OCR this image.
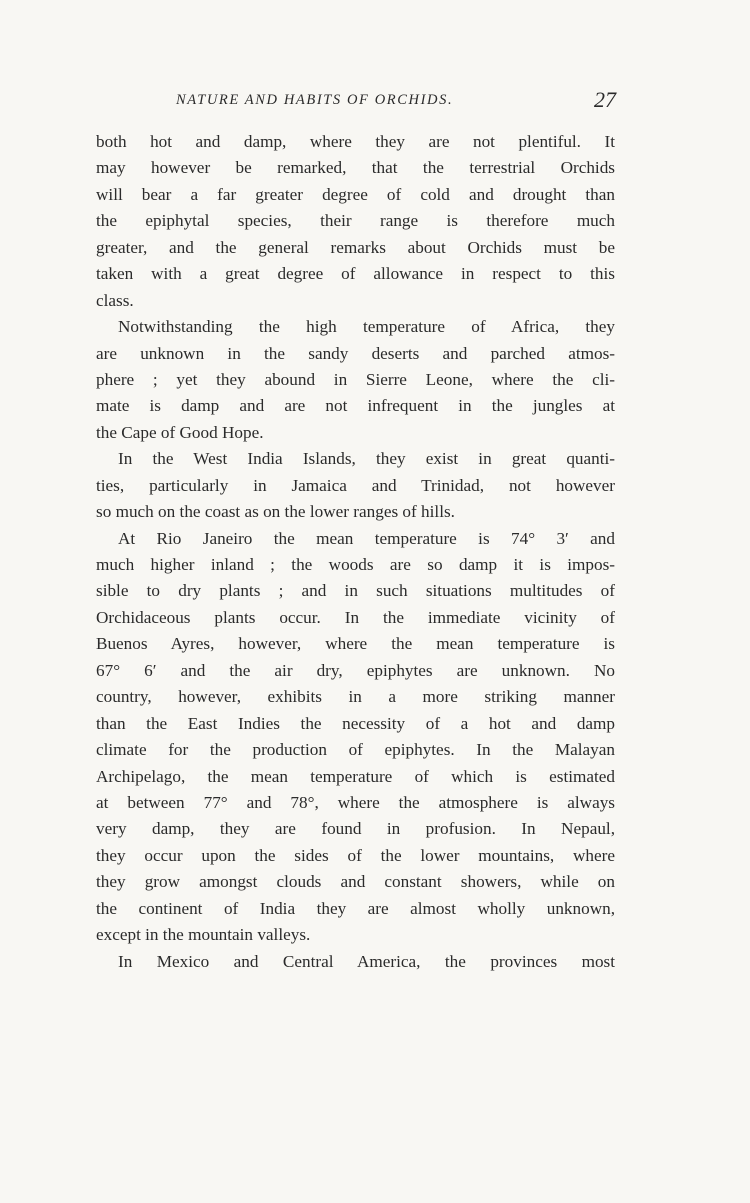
NATURE AND HABITS OF ORCHIDS.	27
both hot and damp, where they are not plentiful. It
may however be remarked, that the terrestrial Orchids
will bear a far greater degree of cold and drought than
the epiphytal species, their range is therefore much
greater, and the general remarks about Orchids must be
taken with a great degree of allowance in respect to this
class.
Notwithstanding the high temperature of Africa, they
are unknown in the sandy deserts and parched atmos-
phere ; yet they abound in Sierre Leone, where the cli-
mate is damp and are not infrequent in the jungles at
the Cape of Good Hope.
In the West India Islands, they exist in great quanti-
ties, particularly in Jamaica and Trinidad, not however
so much on the coast as on the lower ranges of hills.
At Rio Janeiro the mean temperature is 74° 3′ and
much higher inland ; the woods are so damp it is impos-
sible to dry plants ; and in such situations multitudes of
Orchidaceous plants occur. In the immediate vicinity of
Buenos Ayres, however, where the mean temperature is
67° 6′ and the air dry, epiphytes are unknown. No
country, however, exhibits in a more striking manner
than the East Indies the necessity of a hot and damp
climate for the production of epiphytes. In the Malayan
Archipelago, the mean temperature of which is estimated
at between 77° and 78°, where the atmosphere is always
very damp, they are found in profusion. In Nepaul,
they occur upon the sides of the lower mountains, where
they grow amongst clouds and constant showers, while on
the continent of India they are almost wholly unknown,
except in the mountain valleys.
In Mexico and Central America, the provinces most
